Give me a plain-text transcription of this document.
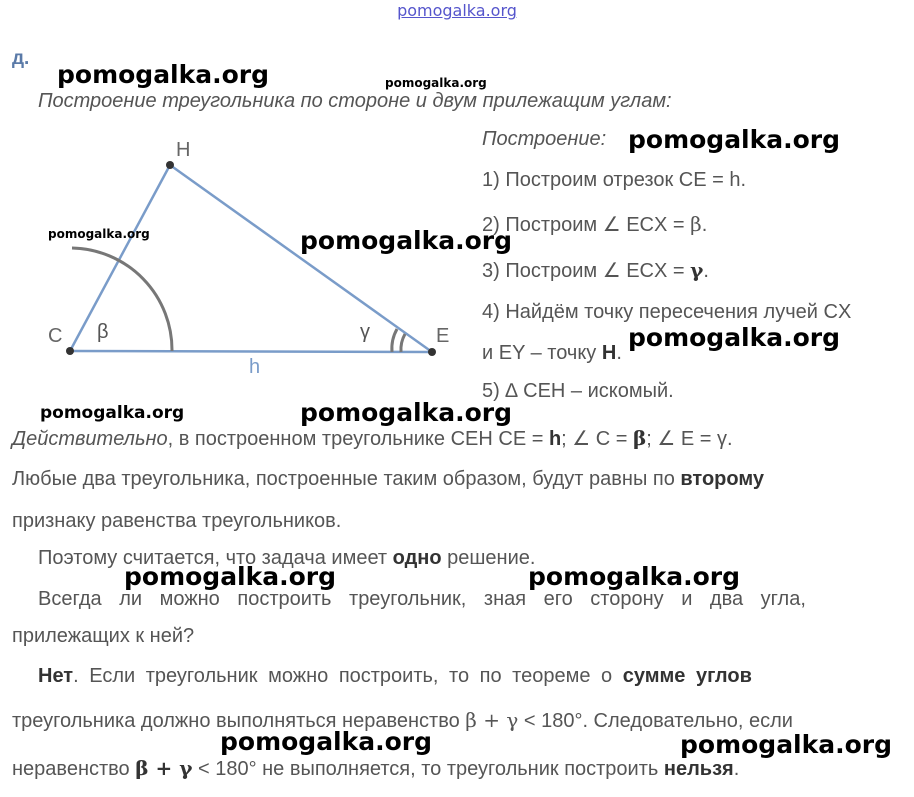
pomogalka.org
д.
Построение треугольника по стороне и двум прилежащим углам:
H
C	E
h
β	γ
Построение:
1) Построим отрезок CE = h.
2) Построим ∠ ECX = β.
3) Построим ∠ ECX = γ.
4) Найдём точку пересечения лучей CX
и EY – точку H.
5) ∆ CEH – искомый.
Действительно, в построенном треугольнике CEH CE = h; ∠ C = β; ∠ E = γ.
Любые два треугольника, построенные таким образом, будут равны по второму
признаку равенства треугольников.
Поэтому считается, что задача имеет одно решение.
Всегда ли можно построить треугольник, зная его сторону и два угла,
прилежащих к ней?
Нет. Если треугольник можно построить, то по теореме о сумме углов
треугольника должно выполняться неравенство β + γ < 180°. Следовательно, если
неравенство β + γ < 180° не выполняется, то треугольник построить нельзя.
pomogalka.org	pomogalka.org
pomogalka.org
pomogalka.org	pomogalka.org
pomogalka.org
pomogalka.org	pomogalka.org
pomogalka.org	pomogalka.org
pomogalka.org	pomogalka.org
